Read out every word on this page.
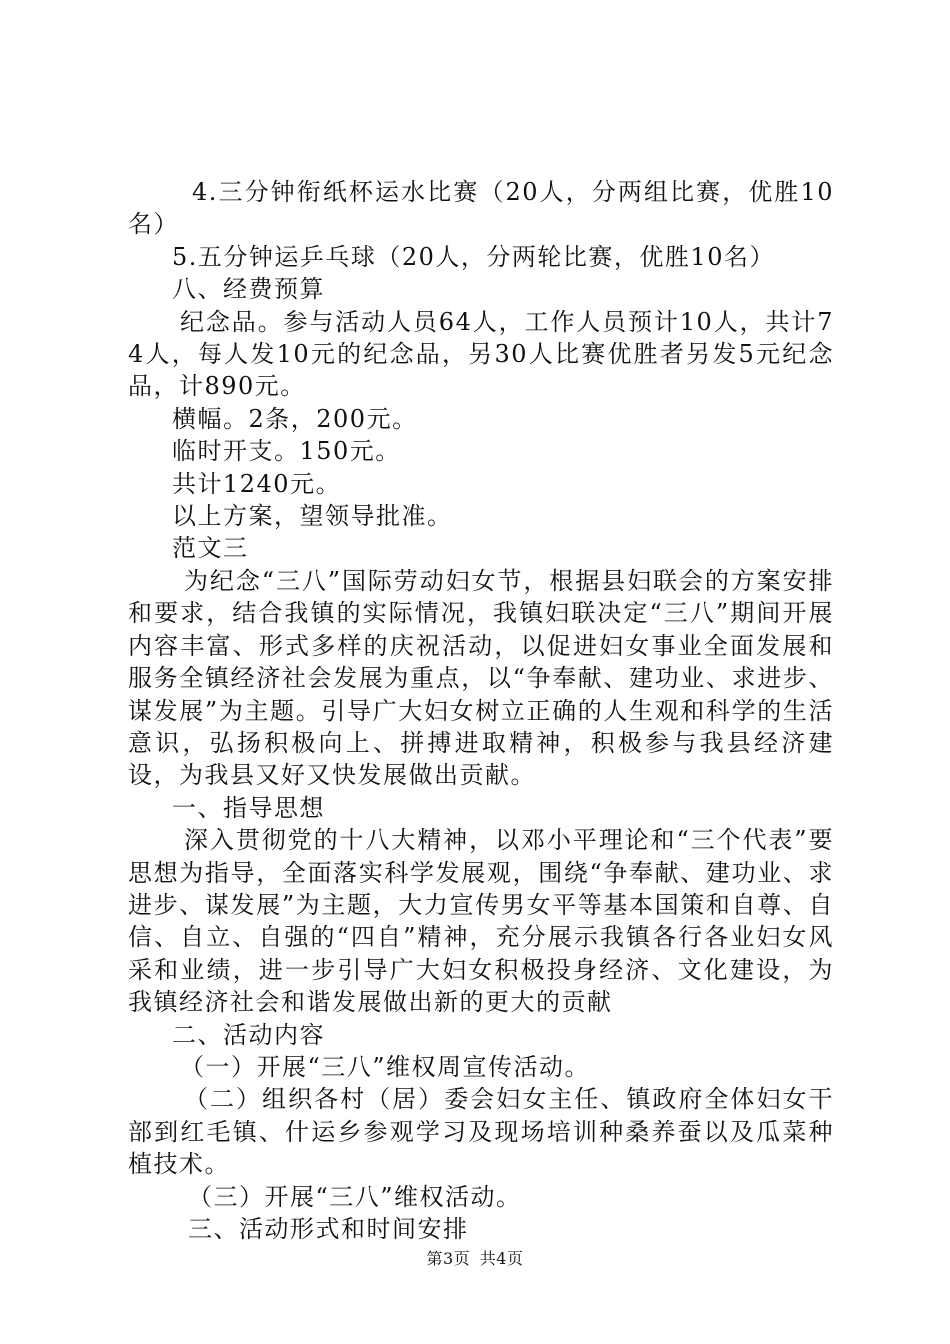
4.三分钟衔纸杯运水比赛（20人，分两组比赛，优胜10名）

5.五分钟运乒乓球（20人，分两轮比赛，优胜10名）

八、经费预算

纪念品。参与活动人员64人，工作人员预计10人，共计74人，每人发10元的纪念品，另30人比赛优胜者另发5元纪念品，计890元。

横幅。2条，200元。

临时开支。150元。

共计1240元。

以上方案，望领导批准。

范文三

为纪念“三八”国际劳动妇女节，根据县妇联会的方案安排和要求，结合我镇的实际情况，我镇妇联决定“三八”期间开展内容丰富、形式多样的庆祝活动，以促进妇女事业全面发展和服务全镇经济社会发展为重点，以“争奉献、建功业、求进步、谋发展”为主题。引导广大妇女树立正确的人生观和科学的生活意识，弘扬积极向上、拼搏进取精神，积极参与我县经济建设，为我县又好又快发展做出贡献。

一、指导思想

深入贯彻党的十八大精神，以邓小平理论和“三个代表”要思想为指导，全面落实科学发展观，围绕“争奉献、建功业、求进步、谋发展”为主题，大力宣传男女平等基本国策和自尊、自信、自立、自强的“四自”精神，充分展示我镇各行各业妇女风采和业绩，进一步引导广大妇女积极投身经济、文化建设，为我镇经济社会和谐发展做出新的更大的贡献

二、活动内容

（一）开展“三八”维权周宣传活动。

（二）组织各村（居）委会妇女主任、镇政府全体妇女干部到红毛镇、什运乡参观学习及现场培训种桑养蚕以及瓜菜种植技术。

（三）开展“三八”维权活动。

三、活动形式和时间安排

第3页 共4页
